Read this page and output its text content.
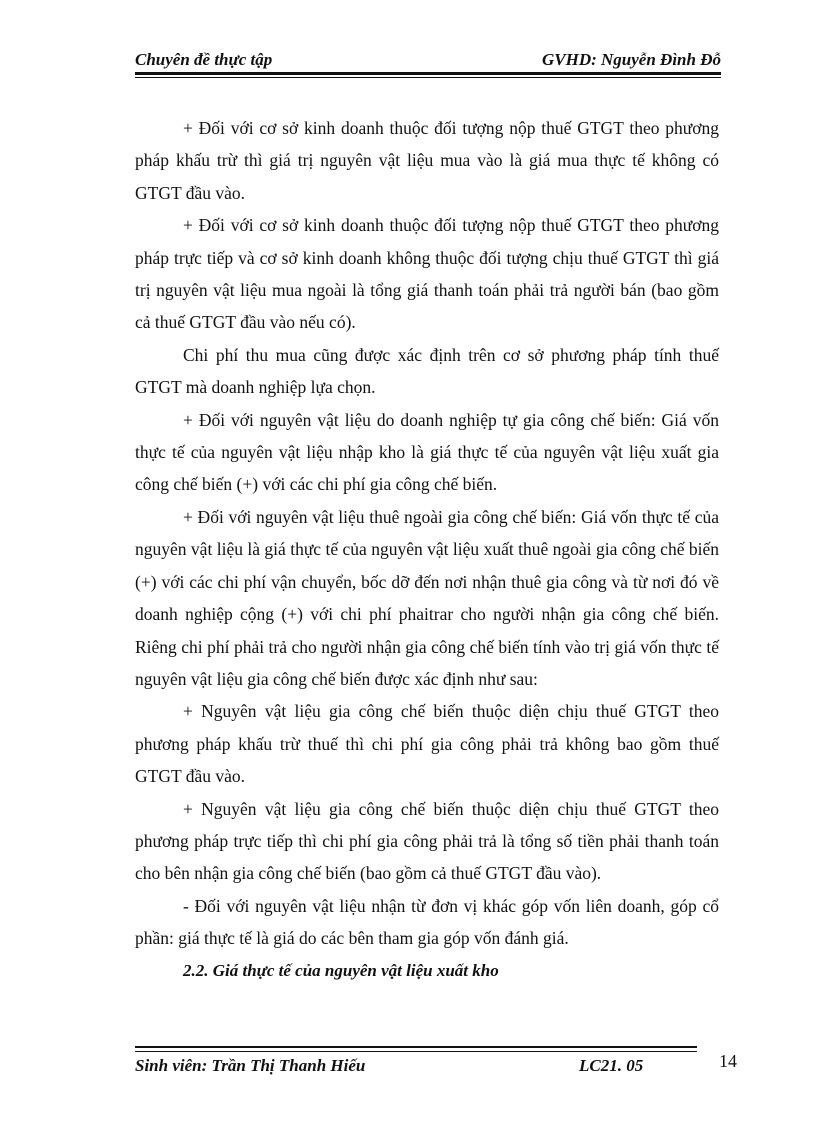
Chuyên đề thực tập	GVHD: Nguyễn Đình Đỗ

+ Đối với cơ sở kinh doanh thuộc đối tượng nộp thuế GTGT theo phương pháp khấu trừ thì giá trị nguyên vật liệu mua vào là giá mua thực tế không có GTGT đầu vào.

+ Đối với cơ sở kinh doanh thuộc đối tượng nộp thuế GTGT theo phương pháp trực tiếp và cơ sở kinh doanh không thuộc đối tượng chịu thuế GTGT thì giá trị nguyên vật liệu mua ngoài là tổng giá thanh toán phải trả người bán (bao gồm cả thuế GTGT đầu vào nếu có).

Chi phí thu mua cũng được xác định trên cơ sở phương pháp tính thuế GTGT mà doanh nghiệp lựa chọn.

+ Đối với nguyên vật liệu do doanh nghiệp tự gia công chế biến: Giá vốn thực tế của nguyên vật liệu nhập kho là giá thực tế của nguyên vật liệu xuất gia công chế biến (+) với các chi phí gia công chế biến.

+ Đối với nguyên vật liệu thuê ngoài gia công chế biến: Giá vốn thực tế của nguyên vật liệu là giá thực tế của nguyên vật liệu xuất thuê ngoài gia công chế biến (+) với các chi phí vận chuyển, bốc dỡ đến nơi nhận thuê gia công và từ nơi đó về doanh nghiệp cộng (+) với chi phí phaitrar cho người nhận gia công chế biến. Riêng chi phí phải trả cho người nhận gia công chế biến tính vào trị giá vốn thực tế nguyên vật liệu gia công chế biến được xác định như sau:

+ Nguyên vật liệu gia công chế biến thuộc diện chịu thuế GTGT theo phương pháp khấu trừ thuế thì chi phí gia công phải trả không bao gồm thuế GTGT đầu vào.

+ Nguyên vật liệu gia công chế biến thuộc diện chịu thuế GTGT theo phương pháp trực tiếp thì chi phí gia công phải trả là tổng số tiền phải thanh toán cho bên nhận gia công chế biến (bao gồm cả thuế GTGT đầu vào).

- Đối với nguyên vật liệu nhận từ đơn vị khác góp vốn liên doanh, góp cổ phần: giá thực tế là giá do các bên tham gia góp vốn đánh giá.

2.2. Giá thực tế của nguyên vật liệu xuất kho

Sinh viên: Trần Thị Thanh Hiếu	LC21. 05	14
